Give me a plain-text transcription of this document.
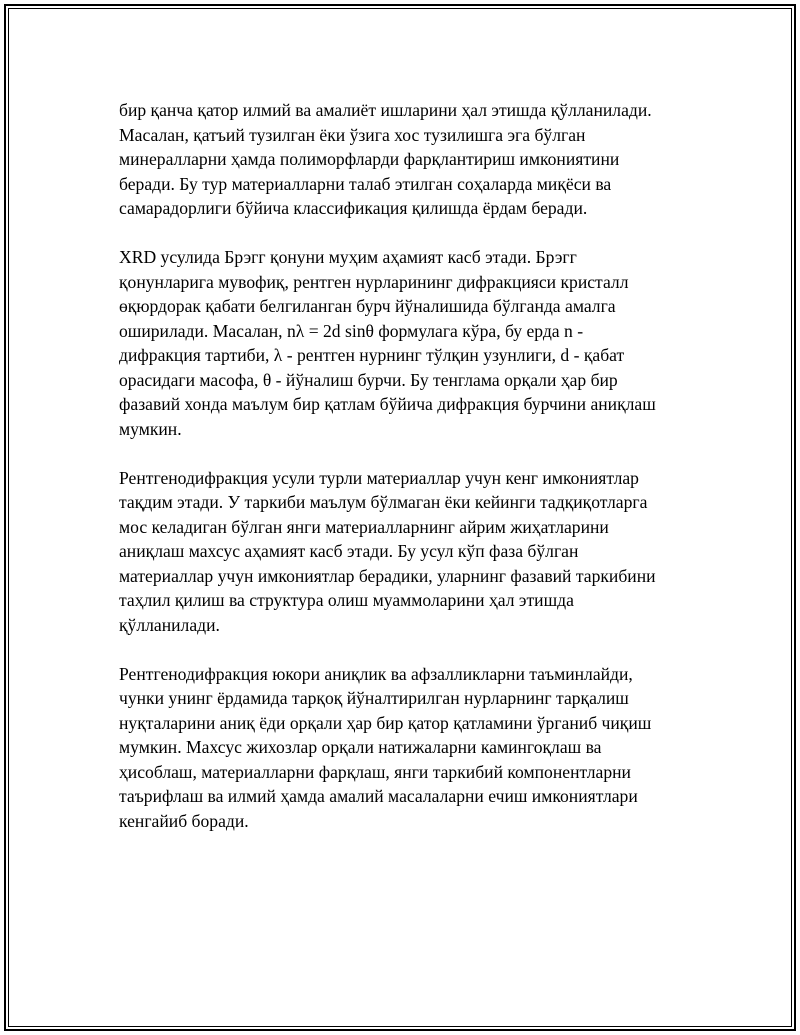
бир қанча қатор илмий ва амалиёт ишларини ҳал этишда қўлланилади.
Масалан, қатъий тузилган ёки ўзига хос тузилишга эга бўлган
минералларни ҳамда полиморфларди фарқлантириш имкониятини
беради. Бу тур материалларни талаб этилган соҳаларда миқёси ва
самарадорлиги бўйича классификация қилишда ёрдам беради.

XRD усулида Брэгг қонуни муҳим аҳамият касб этади. Брэгг
қонунларига мувофиқ, рентген нурларининг дифракцияси кристалл
өқюрдорак қабати белгиланган бурч йўналишида бўлганда амалга
оширилади. Масалан, nλ = 2d sinθ формулага кўра, бу ерда n -
дифракция тартиби, λ - рентген нурнинг тўлқин узунлиги, d - қабат
орасидаги масофа, θ - йўналиш бурчи. Бу тенглама орқали ҳар бир
фазавий хонда маълум бир қатлам бўйича дифракция бурчини аниқлаш
мумкин.

Рентгенодифракция усули турли материаллар учун кенг имкониятлар
тақдим этади. У таркиби маълум бўлмаган ёки кейинги тадқиқотларга
мос келадиган бўлган янги материалларнинг айрим жиҳатларини
аниқлаш махсус аҳамият касб этади. Бу усул кўп фаза бўлган
материаллар учун имкониятлар берадики, уларнинг фазавий таркибини
таҳлил қилиш ва структура олиш муаммоларини ҳал этишда
қўлланилади.

Рентгенодифракция юкори аниқлик ва афзалликларни таъминлайди,
чунки унинг ёрдамида тарқоқ йўналтирилган нурларнинг тарқалиш
нуқталарини аниқ ёди орқали ҳар бир қатор қатламини ўрганиб чиқиш
мумкин. Махсус жихозлар орқали натижаларни камингоқлаш ва
ҳисоблаш, материалларни фарқлаш, янги таркибий компонентларни
таърифлаш ва илмий ҳамда амалий масалаларни ечиш имкониятлари
кенгайиб боради.
